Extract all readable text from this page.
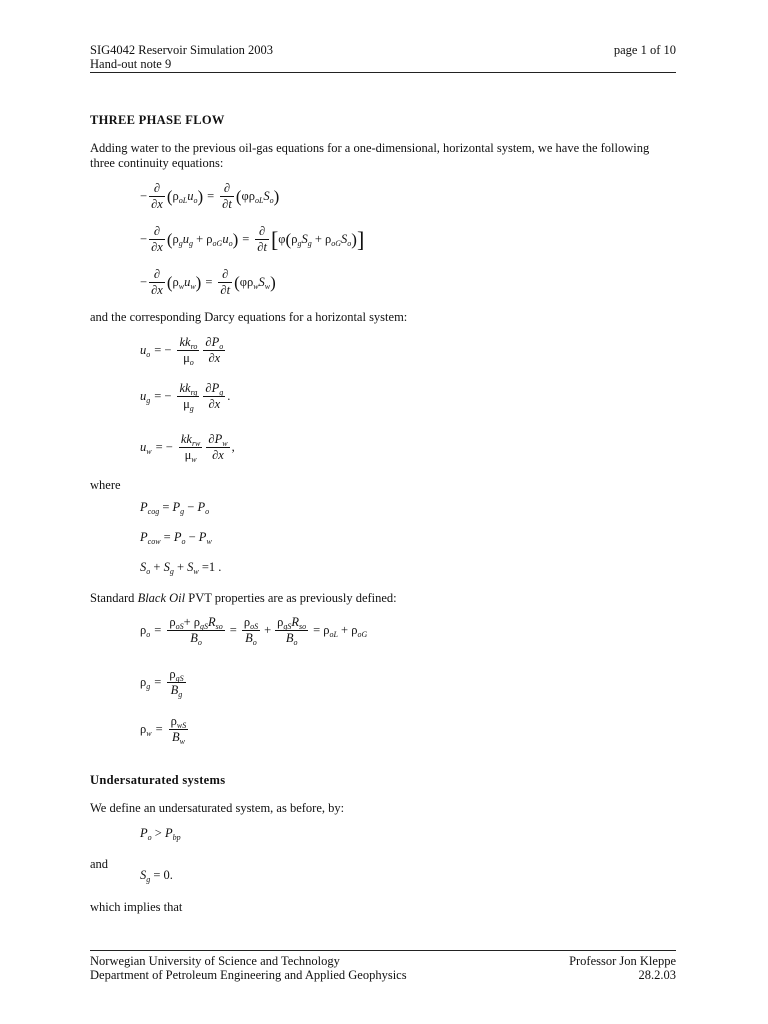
SIG4042 Reservoir Simulation 2003
Hand-out note 9
page 1 of 10
THREE PHASE FLOW
Adding water to the previous oil-gas equations for a one-dimensional, horizontal system, we have the following
three continuity equations:
− $\frac{\partial}{\partial x}$ ( $\rho_{oL}u_o$ ) = $\frac{\partial}{\partial t}$ ( $\varphi\rho_{oL}S_o$ )
− $\frac{\partial}{\partial x}$ ( $\rho_gu_g + \rho_{oG}u_o$ ) = $\frac{\partial}{\partial t}$ [ φ ( $\rho_gS_g + \rho_{oG}S_o$ ) ]
− $\frac{\partial}{\partial x}$ ( $\rho_wu_w$ ) = $\frac{\partial}{\partial t}$ ( $\varphi\rho_wS_w$ )
and the corresponding Darcy equations for a horizontal system:
$u_o$ = − $\frac{kk_{ro}}{\mu_o} \frac{\partial P_o}{\partial x}$
$u_g$ = − $\frac{kk_{rg}}{\mu_g} \frac{\partial P_g}{\partial x}$ .
$u_w$ = − $\frac{kk_{rw}}{\mu_w} \frac{\partial P_w}{\partial x}$ ,
where
$P_{cog} = P_g - P_o$
$P_{cow} = P_o - P_w$
$S_o + S_g + S_w =1$ .
Standard Black Oil PVT properties are as previously defined:
$\rho_o = \frac{\rho_{oS}+ \rho_{gS}R_{so}}{B_o} = \frac{\rho_{oS}}{B_o} + \frac{\rho_{gS}R_{so}}{B_o} = \rho_{oL} + \rho_{oG}$
$\rho_g = \frac{\rho_{gS}}{B_g}$
$\rho_w = \frac{\rho_{wS}}{B_w}$
Undersaturated systems
We define an undersaturated system, as before, by:
$P_o > P_{bp}$
and
$S_g = 0$.
which implies that
Norwegian University of Science and Technology
Department of Petroleum Engineering and Applied Geophysics
Professor Jon Kleppe
28.2.03
